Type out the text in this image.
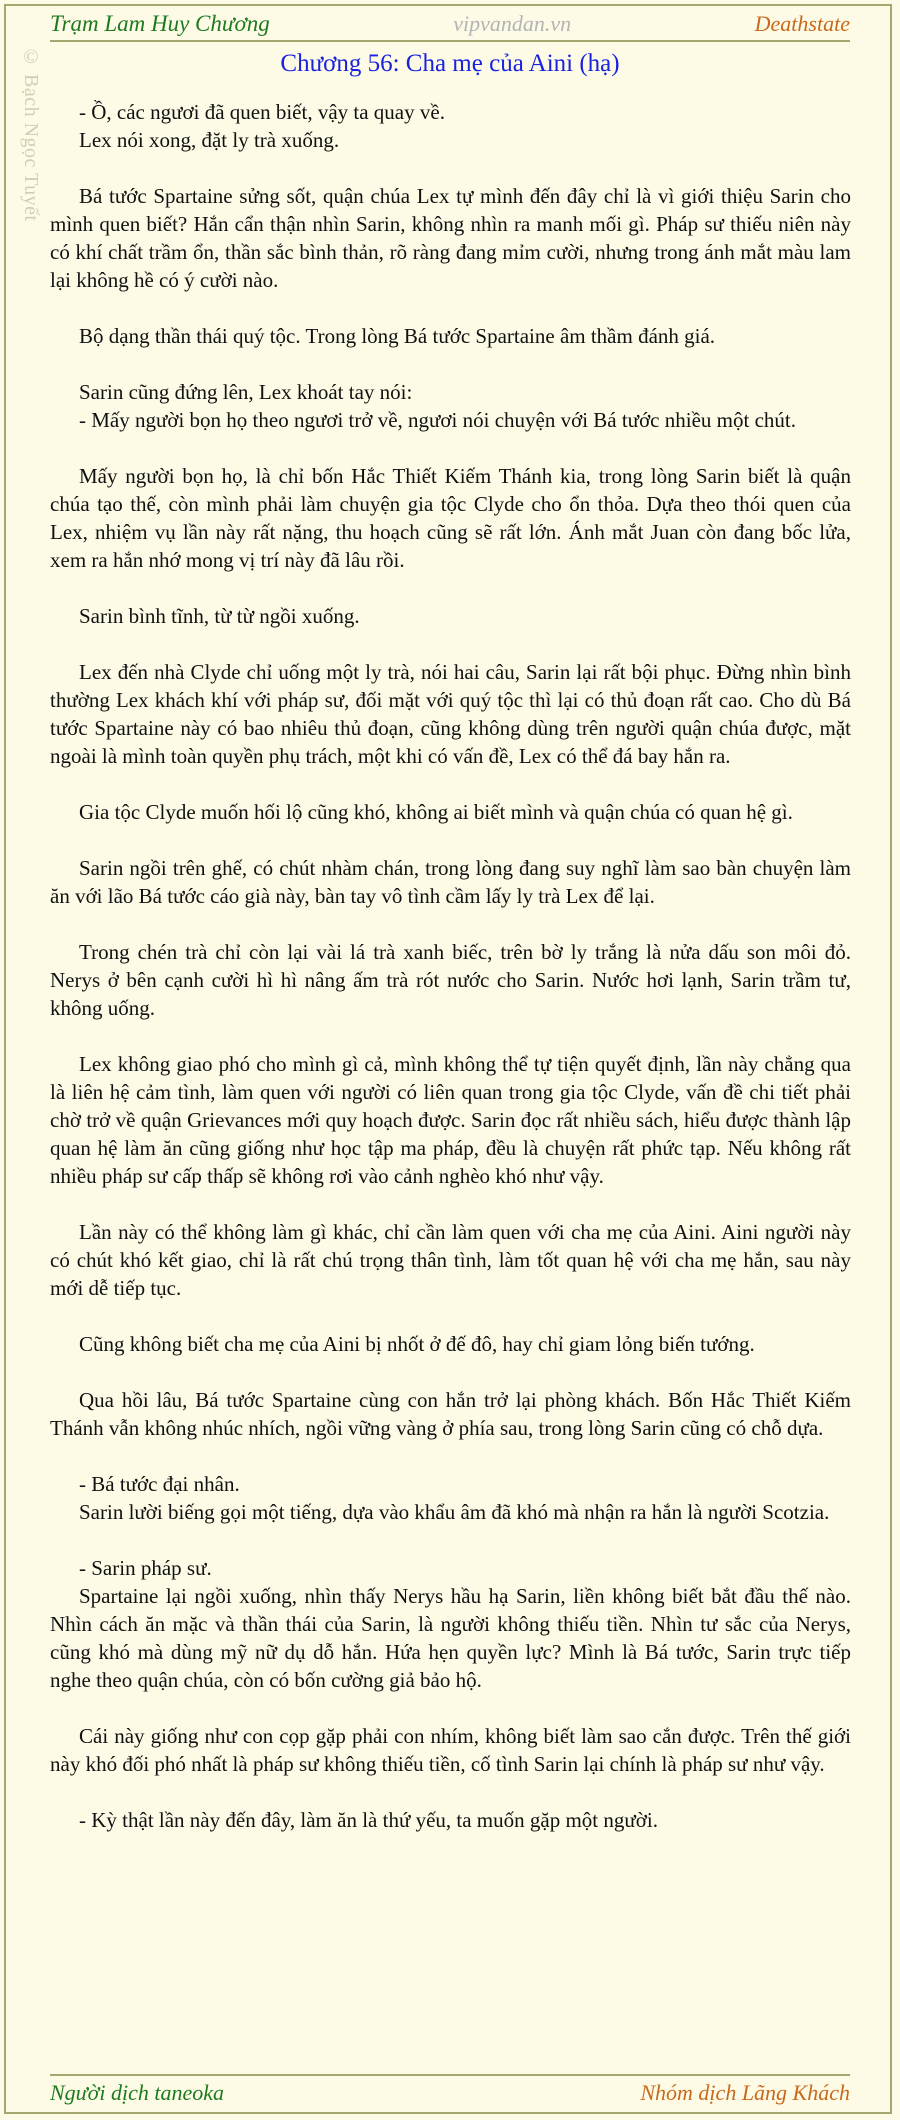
© Bạch Ngọc Tuyết
Trạm Lam Huy Chương	vipvandan.vn	Deathstate
Chương 56: Cha mẹ của Aini (hạ)
- Ồ, các ngươi đã quen biết, vậy ta quay về.
Lex nói xong, đặt ly trà xuống.
Bá tước Spartaine sửng sốt, quận chúa Lex tự mình đến đây chỉ là vì giới thiệu Sarin cho mình quen biết? Hắn cẩn thận nhìn Sarin, không nhìn ra manh mối gì. Pháp sư thiếu niên này có khí chất trầm ổn, thần sắc bình thản, rõ ràng đang mỉm cười, nhưng trong ánh mắt màu lam lại không hề có ý cười nào.
Bộ dạng thần thái quý tộc. Trong lòng Bá tước Spartaine âm thầm đánh giá.
Sarin cũng đứng lên, Lex khoát tay nói:
- Mấy người bọn họ theo ngươi trở về, ngươi nói chuyện với Bá tước nhiều một chút.
Mấy người bọn họ, là chỉ bốn Hắc Thiết Kiếm Thánh kia, trong lòng Sarin biết là quận chúa tạo thế, còn mình phải làm chuyện gia tộc Clyde cho ổn thỏa. Dựa theo thói quen của Lex, nhiệm vụ lần này rất nặng, thu hoạch cũng sẽ rất lớn. Ánh mắt Juan còn đang bốc lửa, xem ra hắn nhớ mong vị trí này đã lâu rồi.
Sarin bình tĩnh, từ từ ngồi xuống.
Lex đến nhà Clyde chỉ uống một ly trà, nói hai câu, Sarin lại rất bội phục. Đừng nhìn bình thường Lex khách khí với pháp sư, đối mặt với quý tộc thì lại có thủ đoạn rất cao. Cho dù Bá tước Spartaine này có bao nhiêu thủ đoạn, cũng không dùng trên người quận chúa được, mặt ngoài là mình toàn quyền phụ trách, một khi có vấn đề, Lex có thể đá bay hắn ra.
Gia tộc Clyde muốn hối lộ cũng khó, không ai biết mình và quận chúa có quan hệ gì.
Sarin ngồi trên ghế, có chút nhàm chán, trong lòng đang suy nghĩ làm sao bàn chuyện làm ăn với lão Bá tước cáo già này, bàn tay vô tình cầm lấy ly trà Lex để lại.
Trong chén trà chỉ còn lại vài lá trà xanh biếc, trên bờ ly trắng là nửa dấu son môi đỏ. Nerys ở bên cạnh cười hì hì nâng ấm trà rót nước cho Sarin. Nước hơi lạnh, Sarin trầm tư, không uống.
Lex không giao phó cho mình gì cả, mình không thể tự tiện quyết định, lần này chẳng qua là liên hệ cảm tình, làm quen với người có liên quan trong gia tộc Clyde, vấn đề chi tiết phải chờ trở về quận Grievances mới quy hoạch được. Sarin đọc rất nhiều sách, hiểu được thành lập quan hệ làm ăn cũng giống như học tập ma pháp, đều là chuyện rất phức tạp. Nếu không rất nhiều pháp sư cấp thấp sẽ không rơi vào cảnh nghèo khó như vậy.
Lần này có thể không làm gì khác, chỉ cần làm quen với cha mẹ của Aini. Aini người này có chút khó kết giao, chỉ là rất chú trọng thân tình, làm tốt quan hệ với cha mẹ hắn, sau này mới dễ tiếp tục.
Cũng không biết cha mẹ của Aini bị nhốt ở đế đô, hay chỉ giam lỏng biến tướng.
Qua hồi lâu, Bá tước Spartaine cùng con hắn trở lại phòng khách. Bốn Hắc Thiết Kiếm Thánh vẫn không nhúc nhích, ngồi vững vàng ở phía sau, trong lòng Sarin cũng có chỗ dựa.
- Bá tước đại nhân.
Sarin lười biếng gọi một tiếng, dựa vào khẩu âm đã khó mà nhận ra hắn là người Scotzia.
- Sarin pháp sư.
Spartaine lại ngồi xuống, nhìn thấy Nerys hầu hạ Sarin, liền không biết bắt đầu thế nào. Nhìn cách ăn mặc và thần thái của Sarin, là người không thiếu tiền. Nhìn tư sắc của Nerys, cũng khó mà dùng mỹ nữ dụ dỗ hắn. Hứa hẹn quyền lực? Mình là Bá tước, Sarin trực tiếp nghe theo quận chúa, còn có bốn cường giả bảo hộ.
Cái này giống như con cọp gặp phải con nhím, không biết làm sao cắn được. Trên thế giới này khó đối phó nhất là pháp sư không thiếu tiền, cố tình Sarin lại chính là pháp sư như vậy.
- Kỳ thật lần này đến đây, làm ăn là thứ yếu, ta muốn gặp một người.
Người dịch taneoka	Nhóm dịch Lãng Khách
